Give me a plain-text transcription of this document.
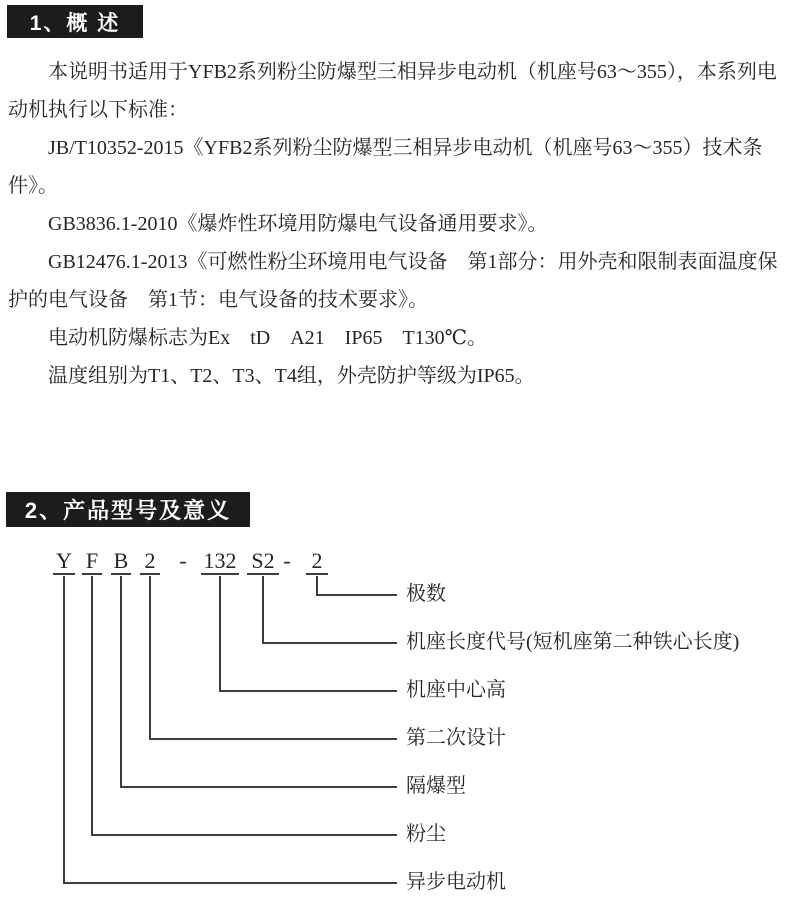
1、概 述

本说明书适用于YFB2系列粉尘防爆型三相异步电动机（机座号63～355），本系列电动机执行以下标准：

JB/T10352-2015《YFB2系列粉尘防爆型三相异步电动机（机座号63～355）技术条件》。

GB3836.1-2010《爆炸性环境用防爆电气设备通用要求》。

GB12476.1-2013《可燃性粉尘环境用电气设备　第1部分：用外壳和限制表面温度保护的电气设备　第1节：电气设备的技术要求》。

电动机防爆标志为Ex　tD　A21　IP65　T130℃。

温度组别为T1、T2、T3、T4组，外壳防护等级为IP65。

2、产品型号及意义
Y F B 2 - 132 S2 - 2
极数
机座长度代号(短机座第二种铁心长度)
机座中心高
第二次设计
隔爆型
粉尘
异步电动机
